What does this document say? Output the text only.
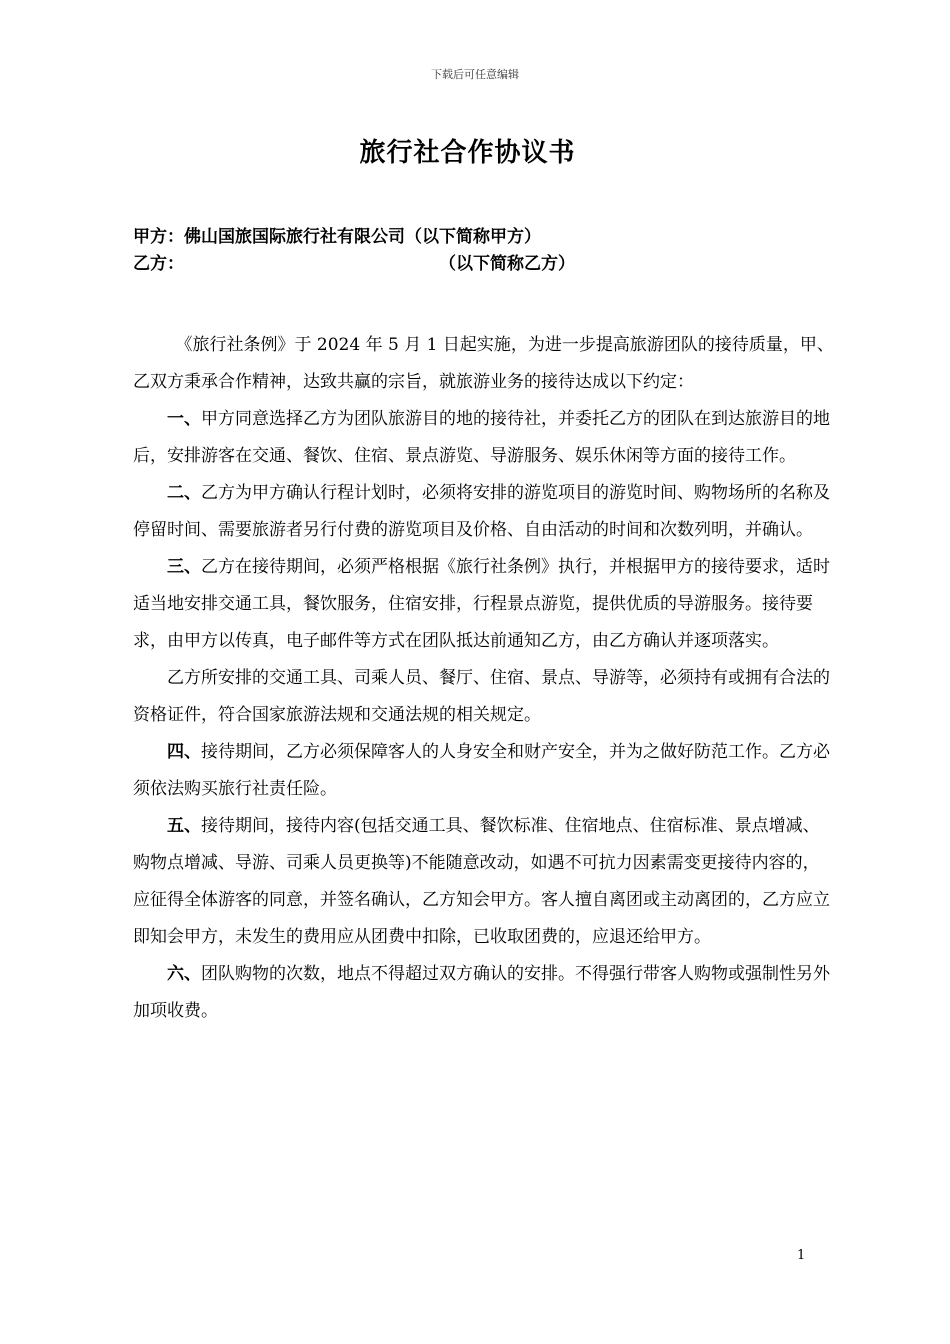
下载后可任意编辑
旅行社合作协议书
甲方：佛山国旅国际旅行社有限公司（以下简称甲方）
乙方：	（以下简称乙方）

《旅行社条例》于 2024 年 5 月 1 日起实施，为进一步提高旅游团队的接待质量，甲、乙双方秉承合作精神，达致共赢的宗旨，就旅游业务的接待达成以下约定：

一、甲方同意选择乙方为团队旅游目的地的接待社，并委托乙方的团队在到达旅游目的地后，安排游客在交通、餐饮、住宿、景点游览、导游服务、娱乐休闲等方面的接待工作。

二、乙方为甲方确认行程计划时，必须将安排的游览项目的游览时间、购物场所的名称及停留时间、需要旅游者另行付费的游览项目及价格、自由活动的时间和次数列明，并确认。

三、乙方在接待期间，必须严格根据《旅行社条例》执行，并根据甲方的接待要求，适时适当地安排交通工具，餐饮服务，住宿安排，行程景点游览，提供优质的导游服务。接待要求，由甲方以传真，电子邮件等方式在团队抵达前通知乙方，由乙方确认并逐项落实。

乙方所安排的交通工具、司乘人员、餐厅、住宿、景点、导游等，必须持有或拥有合法的资格证件，符合国家旅游法规和交通法规的相关规定。

四、接待期间，乙方必须保障客人的人身安全和财产安全，并为之做好防范工作。乙方必须依法购买旅行社责任险。

五、接待期间，接待内容(包括交通工具、餐饮标准、住宿地点、住宿标准、景点增减、购物点增减、导游、司乘人员更换等)不能随意改动，如遇不可抗力因素需变更接待内容的，应征得全体游客的同意，并签名确认，乙方知会甲方。客人擅自离团或主动离团的，乙方应立即知会甲方，未发生的费用应从团费中扣除，已收取团费的，应退还给甲方。

六、团队购物的次数，地点不得超过双方确认的安排。不得强行带客人购物或强制性另外加项收费。

1
